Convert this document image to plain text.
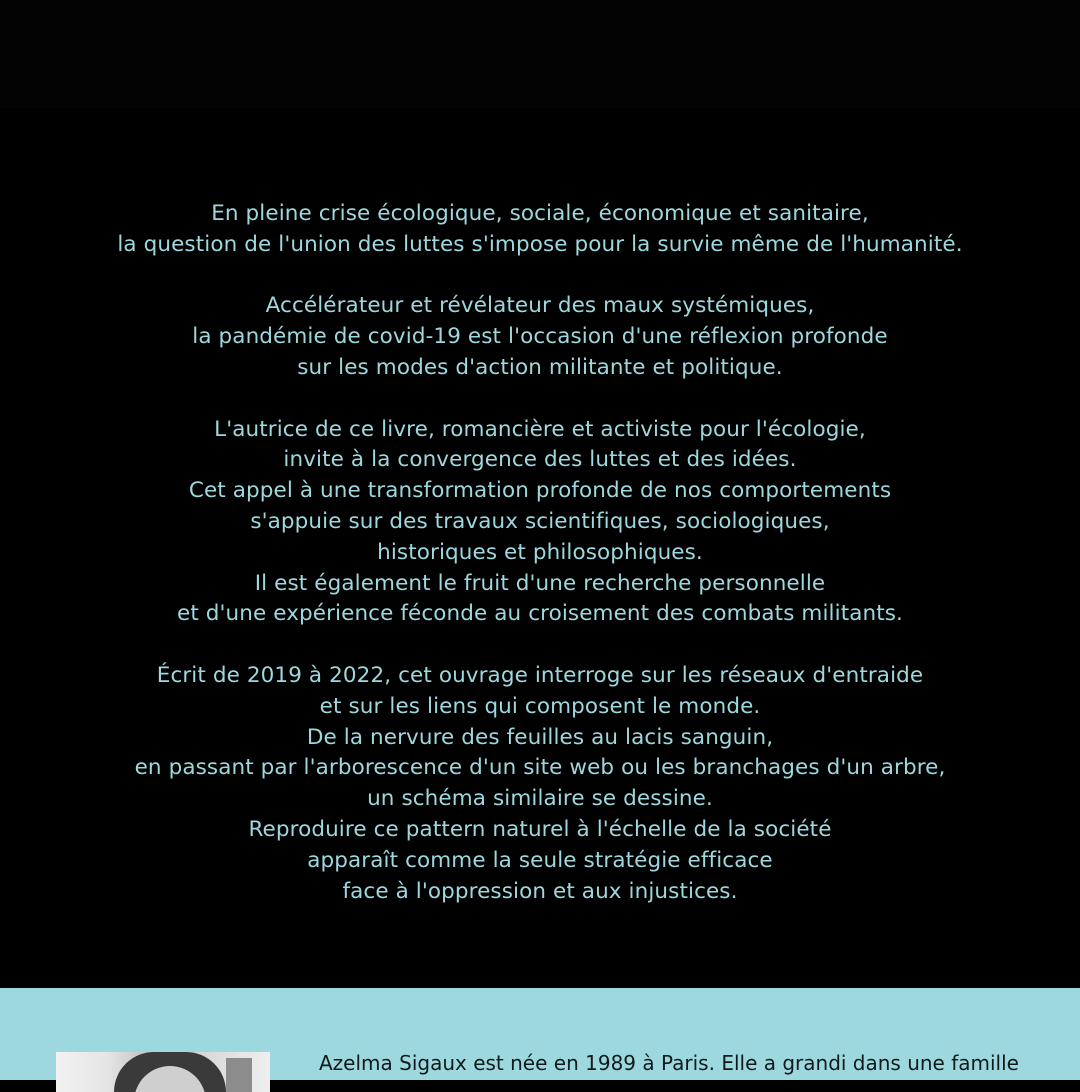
En pleine crise écologique, sociale, économique et sanitaire,
la question de l'union des luttes s'impose pour la survie même de l'humanité.
Accélérateur et révélateur des maux systémiques,
la pandémie de covid-19 est l'occasion d'une réflexion profonde
sur les modes d'action militante et politique.
L'autrice de ce livre, romancière et activiste pour l'écologie,
invite à la convergence des luttes et des idées.
Cet appel à une transformation profonde de nos comportements
s'appuie sur des travaux scientifiques, sociologiques,
historiques et philosophiques.
Il est également le fruit d'une recherche personnelle
et d'une expérience féconde au croisement des combats militants.
Écrit de 2019 à 2022, cet ouvrage interroge sur les réseaux d'entraide
et sur les liens qui composent le monde.
De la nervure des feuilles au lacis sanguin,
en passant par l'arborescence d'un site web ou les branchages d'un arbre,
un schéma similaire se dessine.
Reproduire ce pattern naturel à l'échelle de la société
apparaît comme la seule stratégie efficace
face à l'oppression et aux injustices.
Azelma Sigaux est née en 1989 à Paris. Elle a grandi dans une famille
